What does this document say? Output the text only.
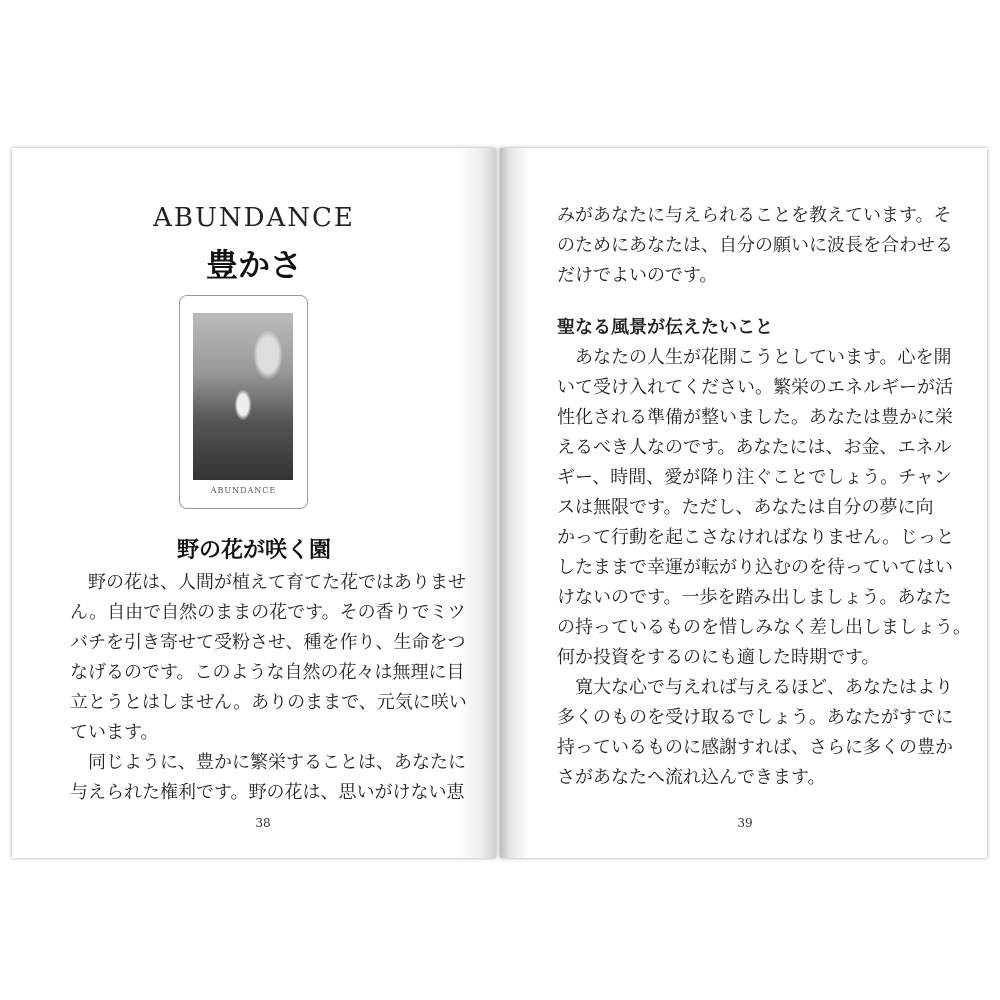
ABUNDANCE
豊かさ
ABUNDANCE
野の花が咲く園
　野の花は、人間が植えて育てた花ではありませ
ん。自由で自然のままの花です。その香りでミツ
バチを引き寄せて受粉させ、種を作り、生命をつ
なげるのです。このような自然の花々は無理に目
立とうとはしません。ありのままで、元気に咲い
ています。
　同じように、豊かに繁栄することは、あなたに
与えられた権利です。野の花は、思いがけない恵
38
みがあなたに与えられることを教えています。そ
のためにあなたは、自分の願いに波長を合わせる
だけでよいのです。
聖なる風景が伝えたいこと
　あなたの人生が花開こうとしています。心を開
いて受け入れてください。繁栄のエネルギーが活
性化される準備が整いました。あなたは豊かに栄
えるべき人なのです。あなたには、お金、エネル
ギー、時間、愛が降り注ぐことでしょう。チャン
スは無限です。ただし、あなたは自分の夢に向
かって行動を起こさなければなりません。じっと
したままで幸運が転がり込むのを待っていてはい
けないのです。一歩を踏み出しましょう。あなた
の持っているものを惜しみなく差し出しましょう。
何か投資をするのにも適した時期です。
　寛大な心で与えれば与えるほど、あなたはより
多くのものを受け取るでしょう。あなたがすでに
持っているものに感謝すれば、さらに多くの豊か
さがあなたへ流れ込んできます。
39
